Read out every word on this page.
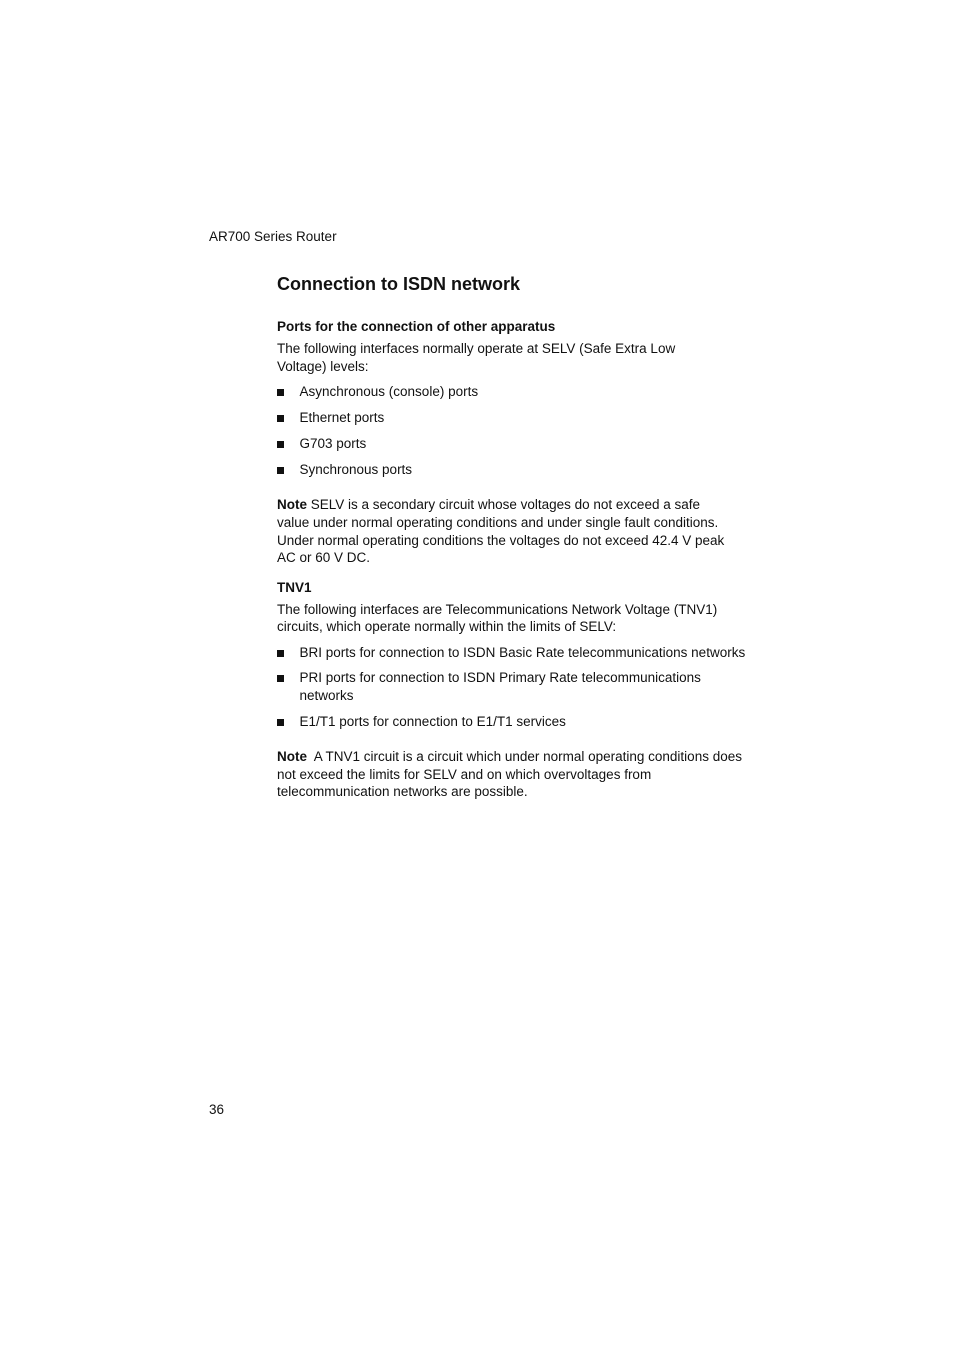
AR700 Series Router
Connection to ISDN network
Ports for the connection of other apparatus

The following interfaces normally operate at SELV (Safe Extra Low Voltage) levels:

Asynchronous (console) ports
Ethernet ports
G703 ports
Synchronous ports

Note SELV is a secondary circuit whose voltages do not exceed a safe value under normal operating conditions and under single fault conditions. Under normal operating conditions the voltages do not exceed 42.4 V peak AC or 60 V DC.

TNV1

The following interfaces are Telecommunications Network Voltage (TNV1) circuits, which operate normally within the limits of SELV:

BRI ports for connection to ISDN Basic Rate telecommunications networks
PRI ports for connection to ISDN Primary Rate telecommunications networks
E1/T1 ports for connection to E1/T1 services

Note A TNV1 circuit is a circuit which under normal operating conditions does not exceed the limits for SELV and on which overvoltages from telecommunication networks are possible.

36
